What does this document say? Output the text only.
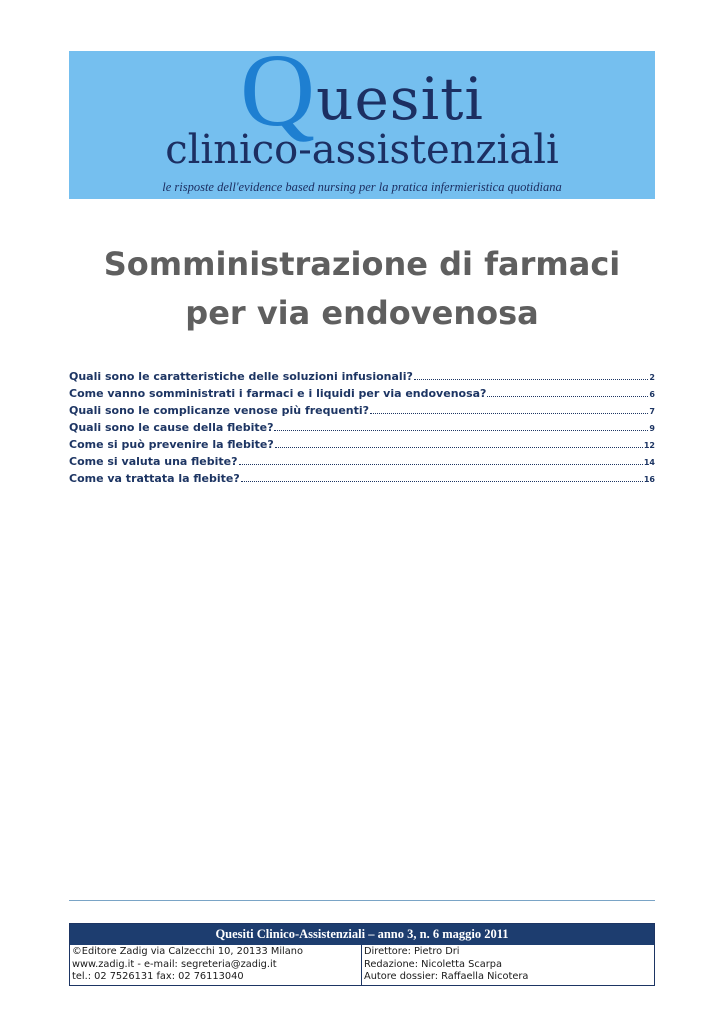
Quesiti
clinico-assistenziali
le risposte dell'evidence based nursing per la pratica infermieristica quotidiana
Somministrazione di farmaci
per via endovenosa
Quali sono le caratteristiche delle soluzioni infusionali?	2
Come vanno somministrati i farmaci e i liquidi per via endovenosa?	6
Quali sono le complicanze venose più frequenti?	7
Quali sono le cause della flebite?	9
Come si può prevenire la flebite?	12
Come si valuta una flebite?	14
Come va trattata la flebite?	16
Quesiti Clinico-Assistenziali – anno 3, n. 6 maggio 2011
©Editore Zadig via Calzecchi 10, 20133 Milano
www.zadig.it - e-mail: segreteria@zadig.it
tel.: 02 7526131 fax: 02 76113040
Direttore: Pietro Dri
Redazione: Nicoletta Scarpa
Autore dossier: Raffaella Nicotera
